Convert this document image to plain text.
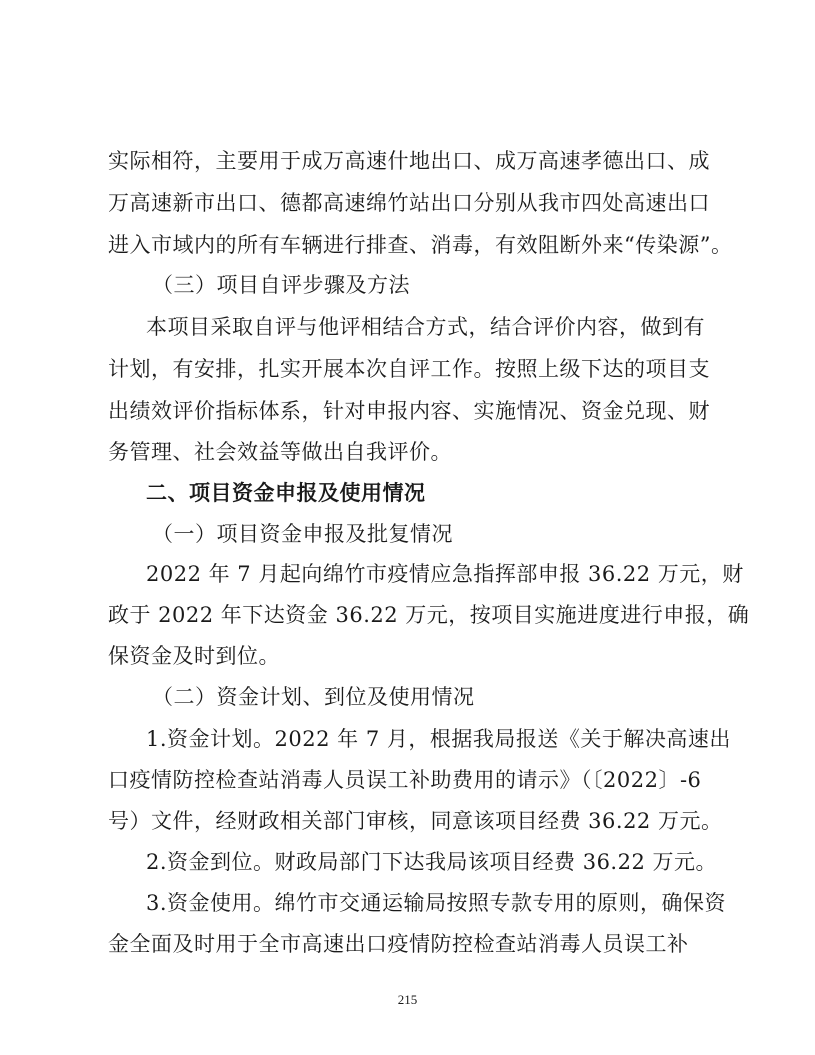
实际相符，主要用于成万高速什地出口、成万高速孝德出口、成
万高速新市出口、德都高速绵竹站出口分别从我市四处高速出口
进入市域内的所有车辆进行排查、消毒，有效阻断外来“传染源”。
（三）项目自评步骤及方法
本项目采取自评与他评相结合方式，结合评价内容，做到有
计划，有安排，扎实开展本次自评工作。按照上级下达的项目支
出绩效评价指标体系，针对申报内容、实施情况、资金兑现、财
务管理、社会效益等做出自我评价。
二、项目资金申报及使用情况
（一）项目资金申报及批复情况
2022 年 7 月起向绵竹市疫情应急指挥部申报 36.22 万元，财
政于 2022 年下达资金 36.22 万元，按项目实施进度进行申报，确
保资金及时到位。
（二）资金计划、到位及使用情况
1.资金计划。2022 年 7 月，根据我局报送《关于解决高速出
口疫情防控检查站消毒人员误工补助费用的请示》（〔2022〕-6
号）文件，经财政相关部门审核，同意该项目经费 36.22 万元。
2.资金到位。财政局部门下达我局该项目经费 36.22 万元。
3.资金使用。绵竹市交通运输局按照专款专用的原则，确保资
金全面及时用于全市高速出口疫情防控检查站消毒人员误工补
215
